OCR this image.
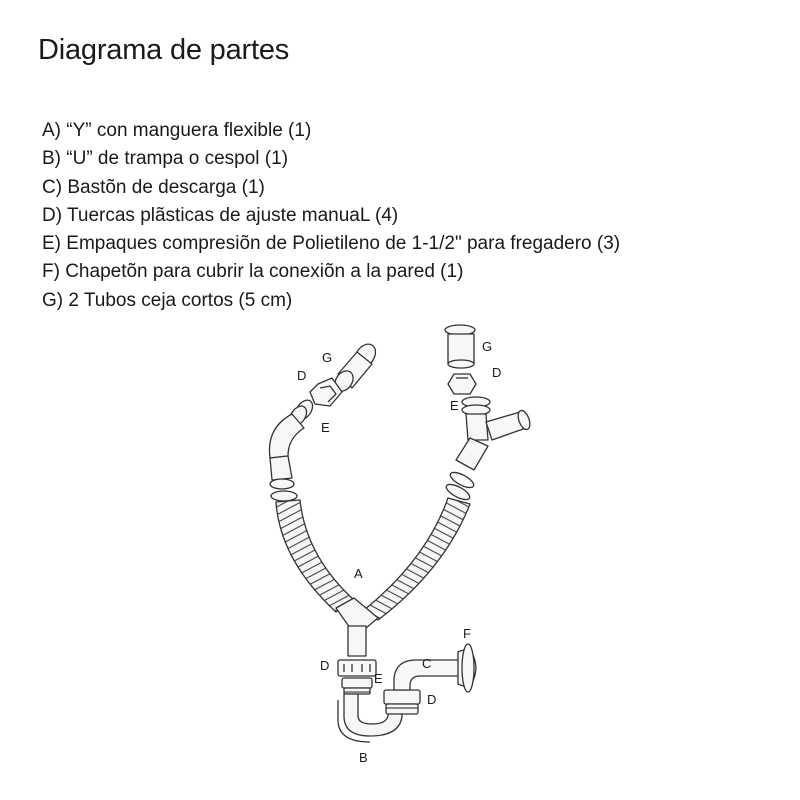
Diagrama de partes
A) “Y” con manguera flexible (1)
B) “U” de trampa o cespol (1)
C) Bastõn de descarga (1)
D) Tuercas plãsticas de ajuste manuaL (4)
E) Empaques compresiõn de Polietileno de 1-1/2" para fregadero (3)
F) Chapetõn para cubrir la conexiõn a la pared (1)
G) 2 Tubos ceja cortos (5 cm)
G
D
E
G
D
E
A
F
D	C
E
D
B
